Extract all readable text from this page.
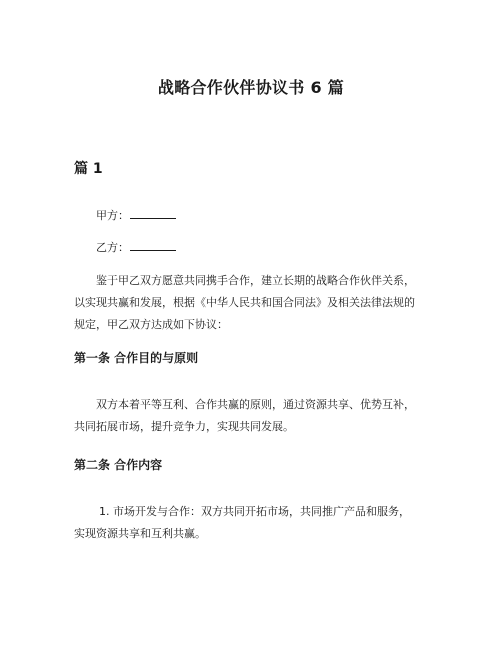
战略合作伙伴协议书 6 篇
篇 1
甲方：
乙方：
鉴于甲乙双方愿意共同携手合作，建立长期的战略合作伙伴关系，
以实现共赢和发展，根据《中华人民共和国合同法》及相关法律法规的
规定，甲乙双方达成如下协议：
第一条 合作目的与原则
双方本着平等互利、合作共赢的原则，通过资源共享、优势互补，
共同拓展市场，提升竞争力，实现共同发展。
第二条 合作内容
1. 市场开发与合作：双方共同开拓市场，共同推广产品和服务，
实现资源共享和互利共赢。
